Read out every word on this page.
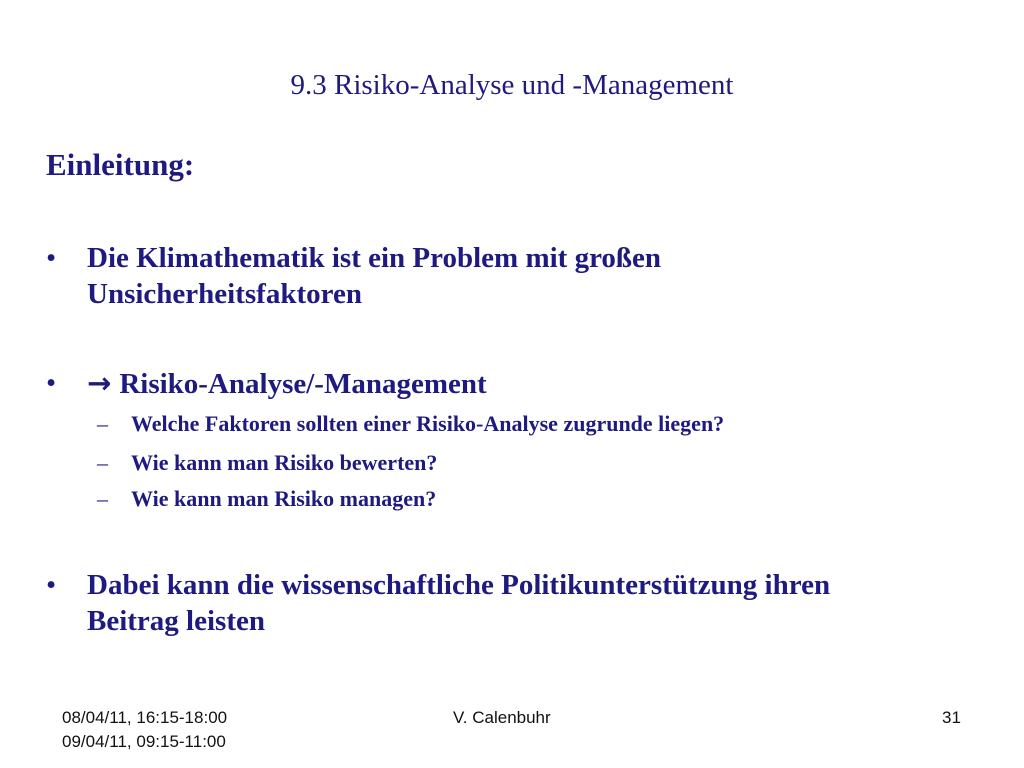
9.3 Risiko-Analyse und -Management
Einleitung:
• Die Klimathematik ist ein Problem mit großen Unsicherheitsfaktoren
• → Risiko-Analyse/-Management
– Welche Faktoren sollten einer Risiko-Analyse zugrunde liegen?
– Wie kann man Risiko bewerten?
– Wie kann man Risiko managen?
• Dabei kann die wissenschaftliche Politikunterstützung ihren Beitrag leisten
08/04/11, 16:15-18:00
09/04/11, 09:15-11:00
V. Calenbuhr	31
